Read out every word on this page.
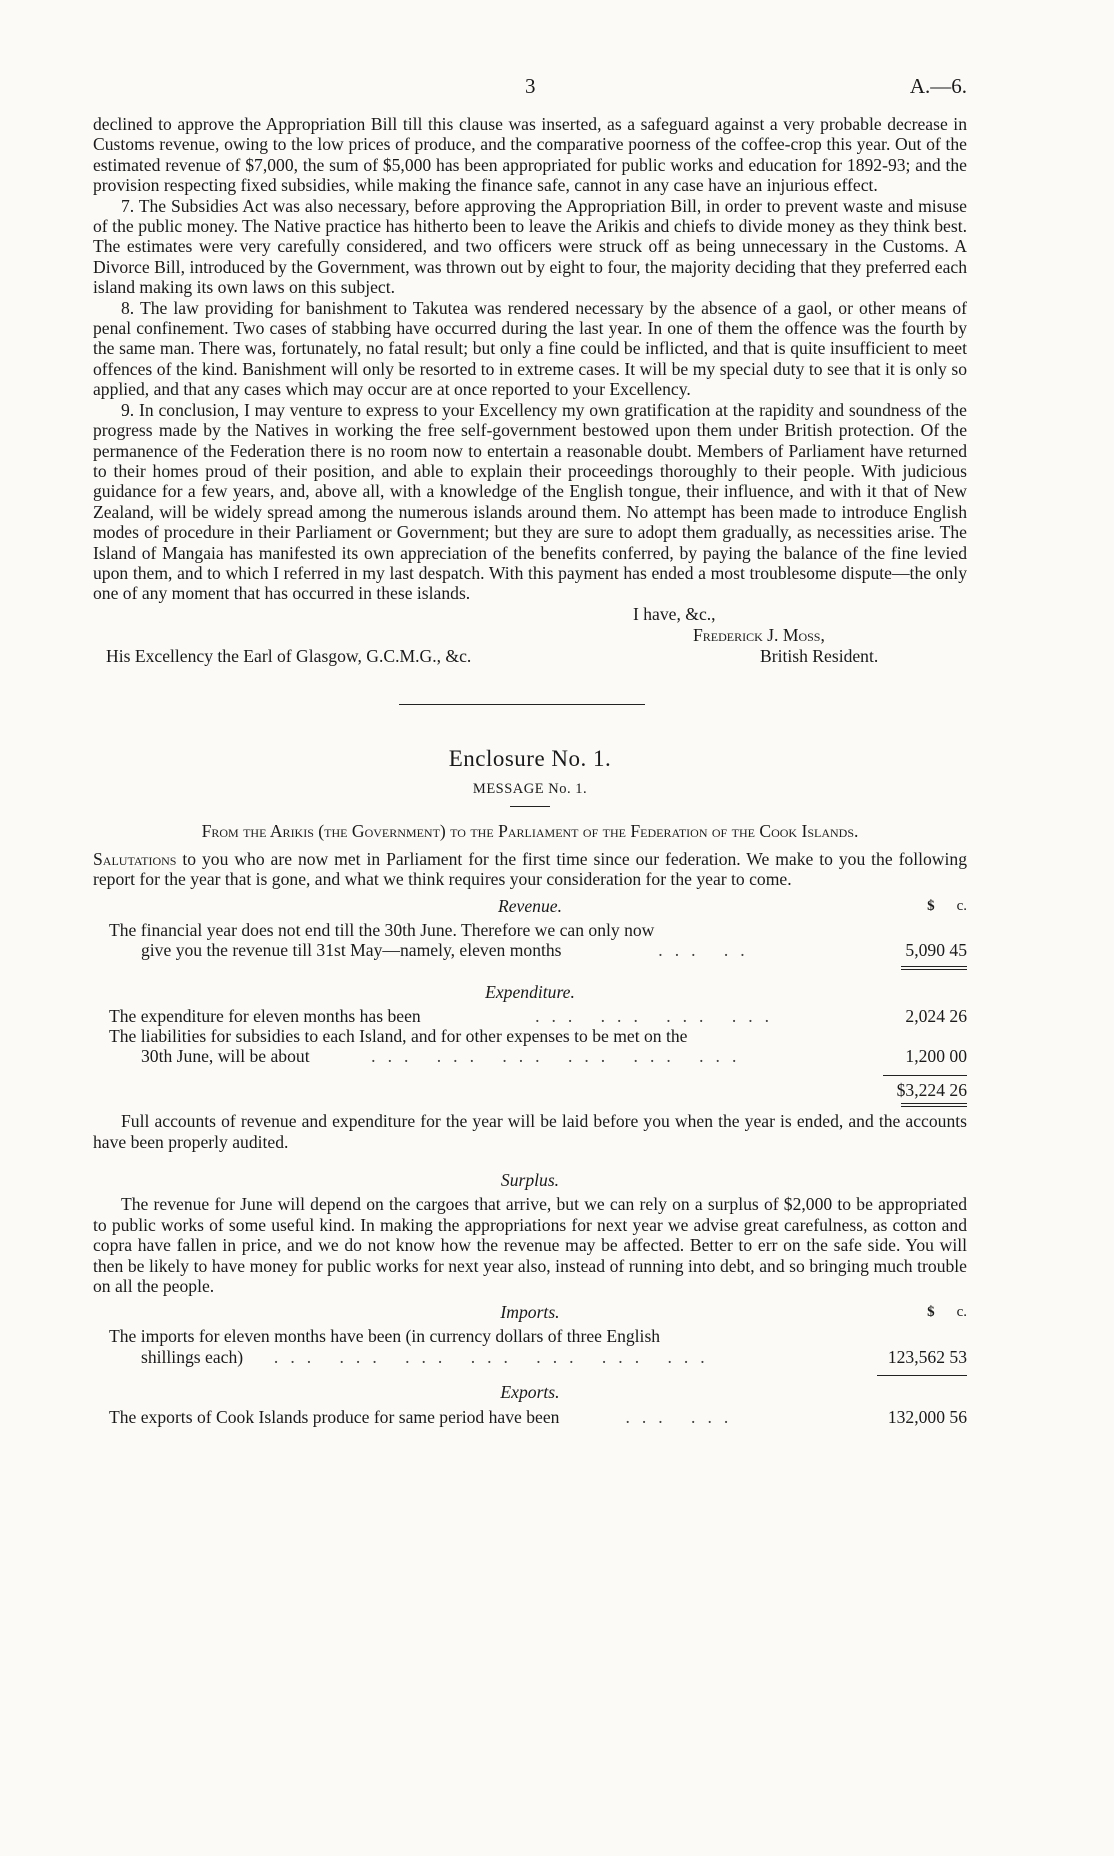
3	A.—6.

declined to approve the Appropriation Bill till this clause was inserted, as a safeguard against a very probable decrease in Customs revenue, owing to the low prices of produce, and the comparative poorness of the coffee-crop this year. Out of the estimated revenue of $7,000, the sum of $5,000 has been appropriated for public works and education for 1892-93; and the provision respecting fixed subsidies, while making the finance safe, cannot in any case have an injurious effect.

7. The Subsidies Act was also necessary, before approving the Appropriation Bill, in order to prevent waste and misuse of the public money. The Native practice has hitherto been to leave the Arikis and chiefs to divide money as they think best. The estimates were very carefully considered, and two officers were struck off as being unnecessary in the Customs. A Divorce Bill, introduced by the Government, was thrown out by eight to four, the majority deciding that they preferred each island making its own laws on this subject.

8. The law providing for banishment to Takutea was rendered necessary by the absence of a gaol, or other means of penal confinement. Two cases of stabbing have occurred during the last year. In one of them the offence was the fourth by the same man. There was, fortunately, no fatal result; but only a fine could be inflicted, and that is quite insufficient to meet offences of the kind. Banishment will only be resorted to in extreme cases. It will be my special duty to see that it is only so applied, and that any cases which may occur are at once reported to your Excellency.

9. In conclusion, I may venture to express to your Excellency my own gratification at the rapidity and soundness of the progress made by the Natives in working the free self-government bestowed upon them under British protection. Of the permanence of the Federation there is no room now to entertain a reasonable doubt. Members of Parliament have returned to their homes proud of their position, and able to explain their proceedings thoroughly to their people. With judicious guidance for a few years, and, above all, with a knowledge of the English tongue, their influence, and with it that of New Zealand, will be widely spread among the numerous islands around them. No attempt has been made to introduce English modes of procedure in their Parliament or Government; but they are sure to adopt them gradually, as necessities arise. The Island of Mangaia has manifested its own appreciation of the benefits conferred, by paying the balance of the fine levied upon them, and to which I referred in my last despatch. With this payment has ended a most troublesome dispute—the only one of any moment that has occurred in these islands.

I have, &c.,
Frederick J. Moss,
His Excellency the Earl of Glasgow, G.C.M.G., &c.	British Resident.
Enclosure No. 1.
MESSAGE No. 1.
From the Arikis (the Government) to the Parliament of the Federation of the Cook Islands.

Salutations to you who are now met in Parliament for the first time since our federation. We make to you the following report for the year that is gone, and what we think requires your consideration for the year to come.

Revenue.	$ c.
The financial year does not end till the 30th June. Therefore we can only now
give you the revenue till 31st May—namely, eleven months	... ..	5,090 45
Expenditure.
The expenditure for eleven months has been	... ... ... ...	2,024 26
The liabilities for subsidies to each Island, and for other expenses to be met on the
30th June, will be about	... ... ... ... ... ...	1,200 00
$3,224 26

Full accounts of revenue and expenditure for the year will be laid before you when the year is ended, and the accounts have been properly audited.

Surplus.

The revenue for June will depend on the cargoes that arrive, but we can rely on a surplus of $2,000 to be appropriated to public works of some useful kind. In making the appropriations for next year we advise great carefulness, as cotton and copra have fallen in price, and we do not know how the revenue may be affected. Better to err on the safe side. You will then be likely to have money for public works for next year also, instead of running into debt, and so bringing much trouble on all the people.

Imports.	$ c.
The imports for eleven months have been (in currency dollars of three English
shillings each) ... ... ... ... ... ... ...	123,562 53
Exports.
The exports of Cook Islands produce for same period have been	... ...	132,000 56
